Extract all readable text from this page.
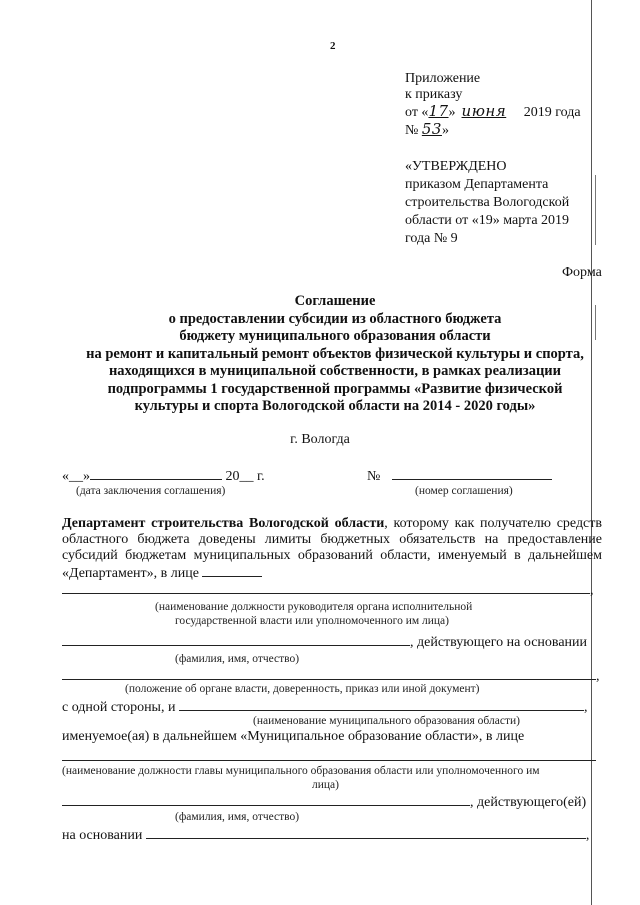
2
Приложение
к приказу
от «17» июня 2019 года
№ 53»
«УТВЕРЖДЕНО
приказом Департамента
строительства Вологодской
области от «19» марта 2019
года № 9
Форма
Соглашение
о предоставлении субсидии из областного бюджета
бюджету муниципального образования области
на ремонт и капитальный ремонт объектов физической культуры и спорта,
находящихся в муниципальной собственности, в рамках реализации
подпрограммы 1 государственной программы «Развитие физической
культуры и спорта Вологодской области на 2014 - 2020 годы»
г. Вологда
«__»	20__ г.
(дата заключения соглашения)
№
(номер соглашения)
Департамент строительства Вологодской области, которому как получателю средств областного бюджета доведены лимиты бюджетных обязательств на предоставление субсидий бюджетам муниципальных образований области, именуемый в дальнейшем «Департамент», в лице
,
(наименование должности руководителя органа исполнительной
государственной власти или уполномоченного им лица)
, действующего на основании
(фамилия, имя, отчество)
,
(положение об органе власти, доверенность, приказ или иной документ)
с одной стороны, и	,
(наименование муниципального образования области)
именуемое(ая) в дальнейшем «Муниципальное образование области», в лице
(наименование должности главы муниципального образования области или уполномоченного им
лица)
, действующего(ей)
(фамилия, имя, отчество)
на основании	,
